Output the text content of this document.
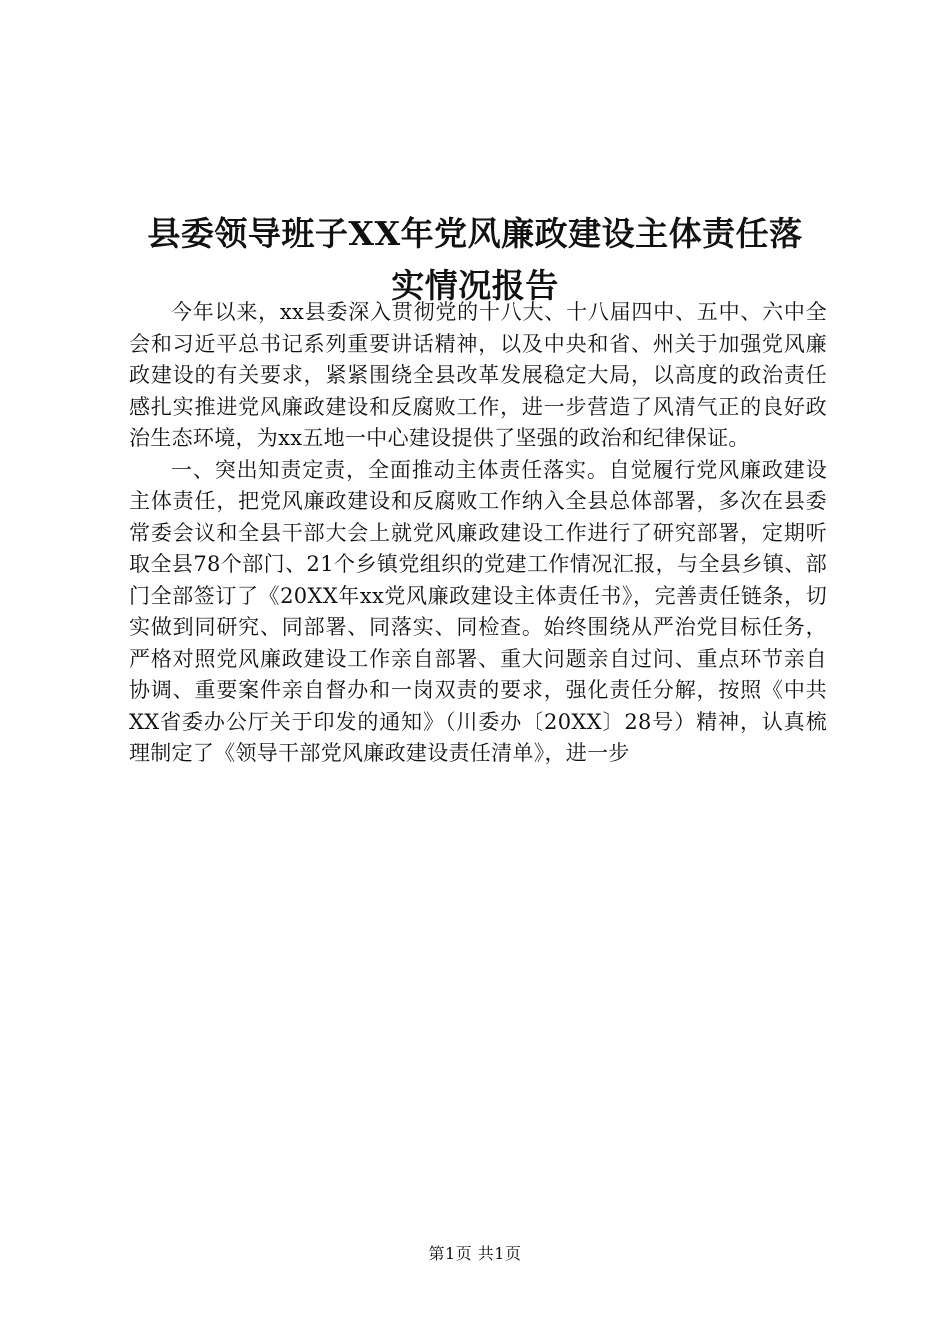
县委领导班子XX年党风廉政建设主体责任落
实情况报告

今年以来，xx县委深入贯彻党的十八大、十八届四中、五中、六中全会和习近平总书记系列重要讲话精神，以及中央和省、州关于加强党风廉政建设的有关要求，紧紧围绕全县改革发展稳定大局，以高度的政治责任感扎实推进党风廉政建设和反腐败工作，进一步营造了风清气正的良好政治生态环境，为xx五地一中心建设提供了坚强的政治和纪律保证。

一、突出知责定责，全面推动主体责任落实。自觉履行党风廉政建设主体责任，把党风廉政建设和反腐败工作纳入全县总体部署，多次在县委常委会议和全县干部大会上就党风廉政建设工作进行了研究部署，定期听取全县78个部门、21个乡镇党组织的党建工作情况汇报，与全县乡镇、部门全部签订了《20XX年xx党风廉政建设主体责任书》，完善责任链条，切实做到同研究、同部署、同落实、同检查。始终围绕从严治党目标任务，严格对照党风廉政建设工作亲自部署、重大问题亲自过问、重点环节亲自协调、重要案件亲自督办和一岗双责的要求，强化责任分解，按照《中共XX省委办公厅关于印发的通知》（川委办〔20XX〕28号）精神，认真梳理制定了《领导干部党风廉政建设责任清单》，进一步

第1页 共1页
